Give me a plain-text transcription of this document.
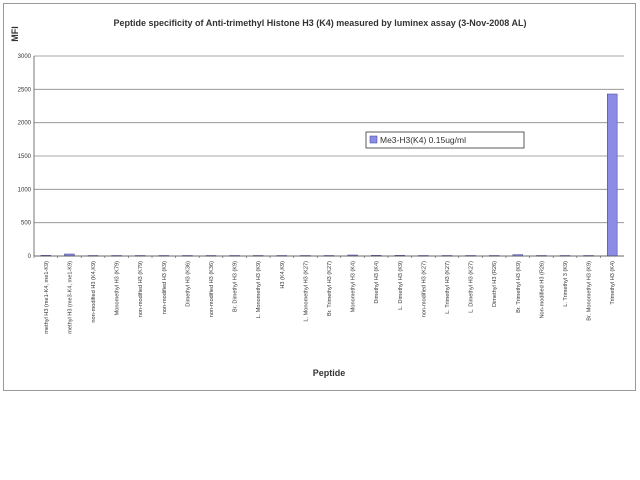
Peptide specificity of Anti-trimethyl Histone H3 (K4) measured by luminex assay (3-Nov-2008 AL)
MFI
Peptide
0
500
1000
1500
2000
2500
3000
methyl H3 (me1-K4, me1-K9)	methyl H3 (me3-K4, me1-K9)	non-modified H3 (K4,K9)	Monomethyl H3 (K79)	non-modified H3 (K79)	non-modified H3 (K9)	Dimethyl H3 (K36)	non-modified H3 (K36)	Br. Dimethyl H3 (K9)	L. Monomethyl H3 (K9)	H3 (K4,K9)	L. Monomethyl H3 (K27)	Br. Trimethyl H3 (K27)	Monomethyl H3 (K4)	Dimethyl H3 (K4)	L. Dimethyl H3 (K9)	non-modified H3 (K27)	L. Trimethyl H3 (K27)	L. Dimethyl H3 (K27)	Dimethyl H3 (R26)	Br. Trimethyl H3 (K9)	Non-modified H3 (R26)	L. Trimethyl 3 (K9)	Br. Monomethyl H3 (K9)	Trimethyl H3 (K4)
Me3-H3(K4) 0.15ug/ml
